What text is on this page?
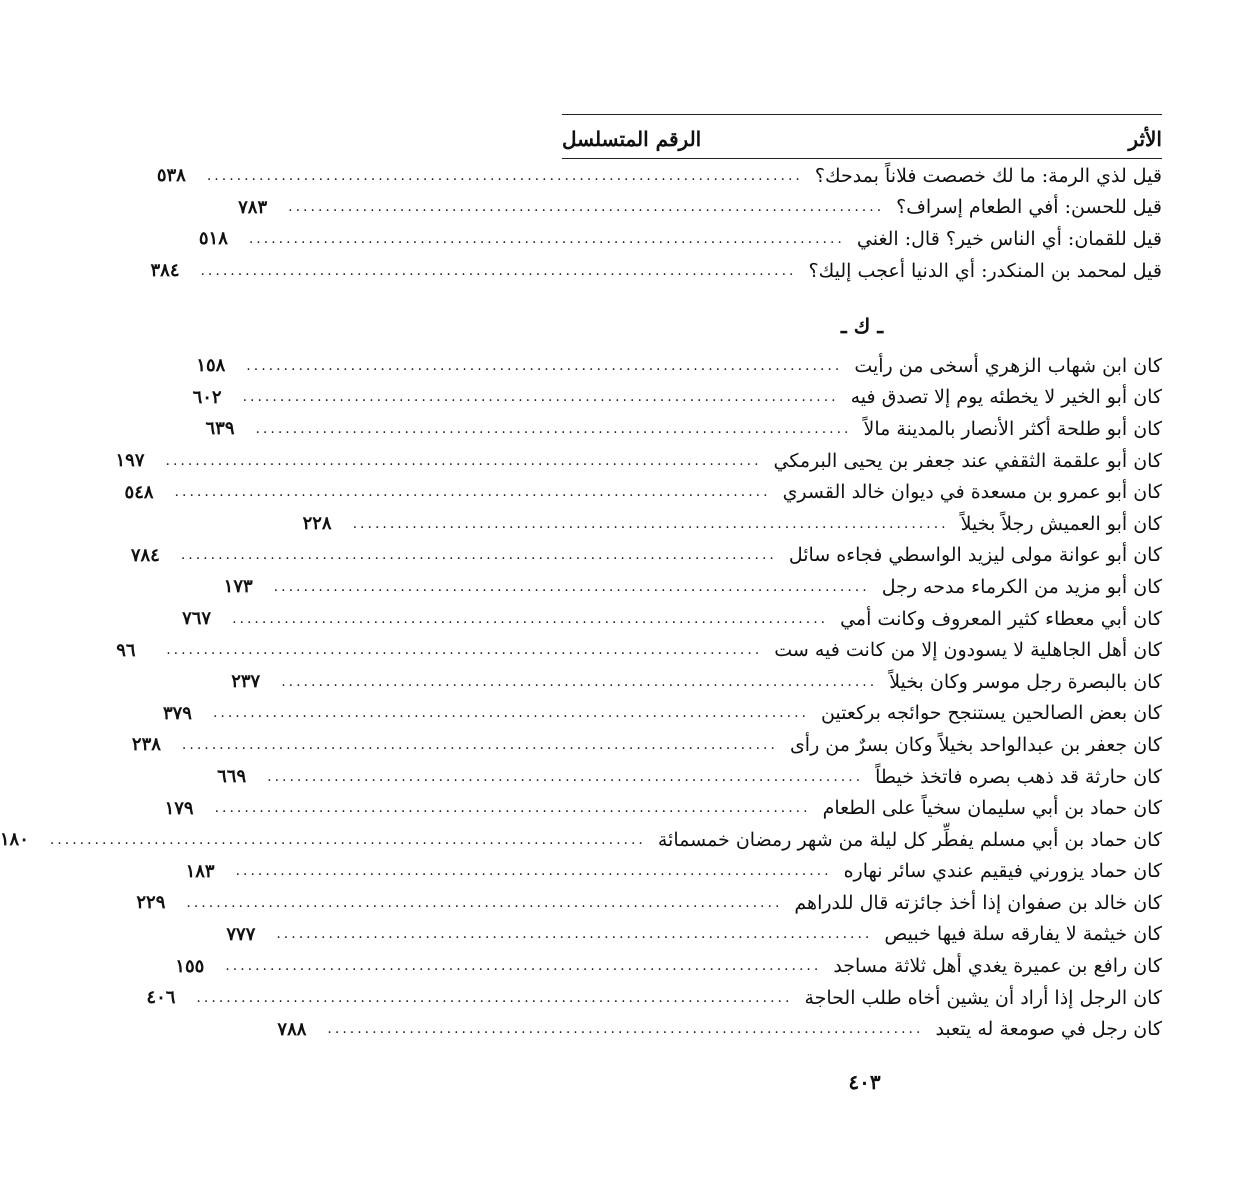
الأثر
الرقم المتسلسل
قيل لذي الرمة: ما لك خصصت فلاناً بمدحك؟
................................................................................
٥٣٨
قيل للحسن: أفي الطعام إسراف؟
................................................................................
٧٨٣
قيل للقمان: أي الناس خير؟ قال: الغني
................................................................................
٥١٨
قيل لمحمد بن المنكدر: أي الدنيا أعجب إليك؟
................................................................................
٣٨٤
ـ ك ـ
كان ابن شهاب الزهري أسخى من رأيت
................................................................................
١٥٨
كان أبو الخير لا يخطئه يوم إلا تصدق فيه
................................................................................
٦٠٢
كان أبو طلحة أكثر الأنصار بالمدينة مالاً
................................................................................
٦٣٩
كان أبو علقمة الثقفي عند جعفر بن يحيى البرمكي
................................................................................
١٩٧
كان أبو عمرو بن مسعدة في ديوان خالد القسري
................................................................................
٥٤٨
كان أبو العميش رجلاً بخيلاً
................................................................................
٢٢٨
كان أبو عوانة مولى ليزيد الواسطي فجاءه سائل
................................................................................
٧٨٤
كان أبو مزيد من الكرماء مدحه رجل
................................................................................
١٧٣
كان أبي معطاء كثير المعروف وكانت أمي
................................................................................
٧٦٧
كان أهل الجاهلية لا يسودون إلا من كانت فيه ست
................................................................................
٩٦
كان بالبصرة رجل موسر وكان بخيلاً
................................................................................
٢٣٧
كان بعض الصالحين يستنجح حوائجه بركعتين
................................................................................
٣٧٩
كان جعفر بن عبدالواحد بخيلاً وكان بسرٌ من رأى
................................................................................
٢٣٨
كان حارثة قد ذهب بصره فاتخذ خيطاً
................................................................................
٦٦٩
كان حماد بن أبي سليمان سخياً على الطعام
................................................................................
١٧٩
كان حماد بن أبي مسلم يفطِّر كل ليلة من شهر رمضان خمسمائة
................................................................................
١٨٠
كان حماد يزورني فيقيم عندي سائر نهاره
................................................................................
١٨٣
كان خالد بن صفوان إذا أخذ جائزته قال للدراهم
................................................................................
٢٢٩
كان خيثمة لا يفارقه سلة فيها خبيص
................................................................................
٧٧٧
كان رافع بن عميرة يغدي أهل ثلاثة مساجد
................................................................................
١٥٥
كان الرجل إذا أراد أن يشين أخاه طلب الحاجة
................................................................................
٤٠٦
كان رجل في صومعة له يتعبد
................................................................................
٧٨٨
٤٠٣
